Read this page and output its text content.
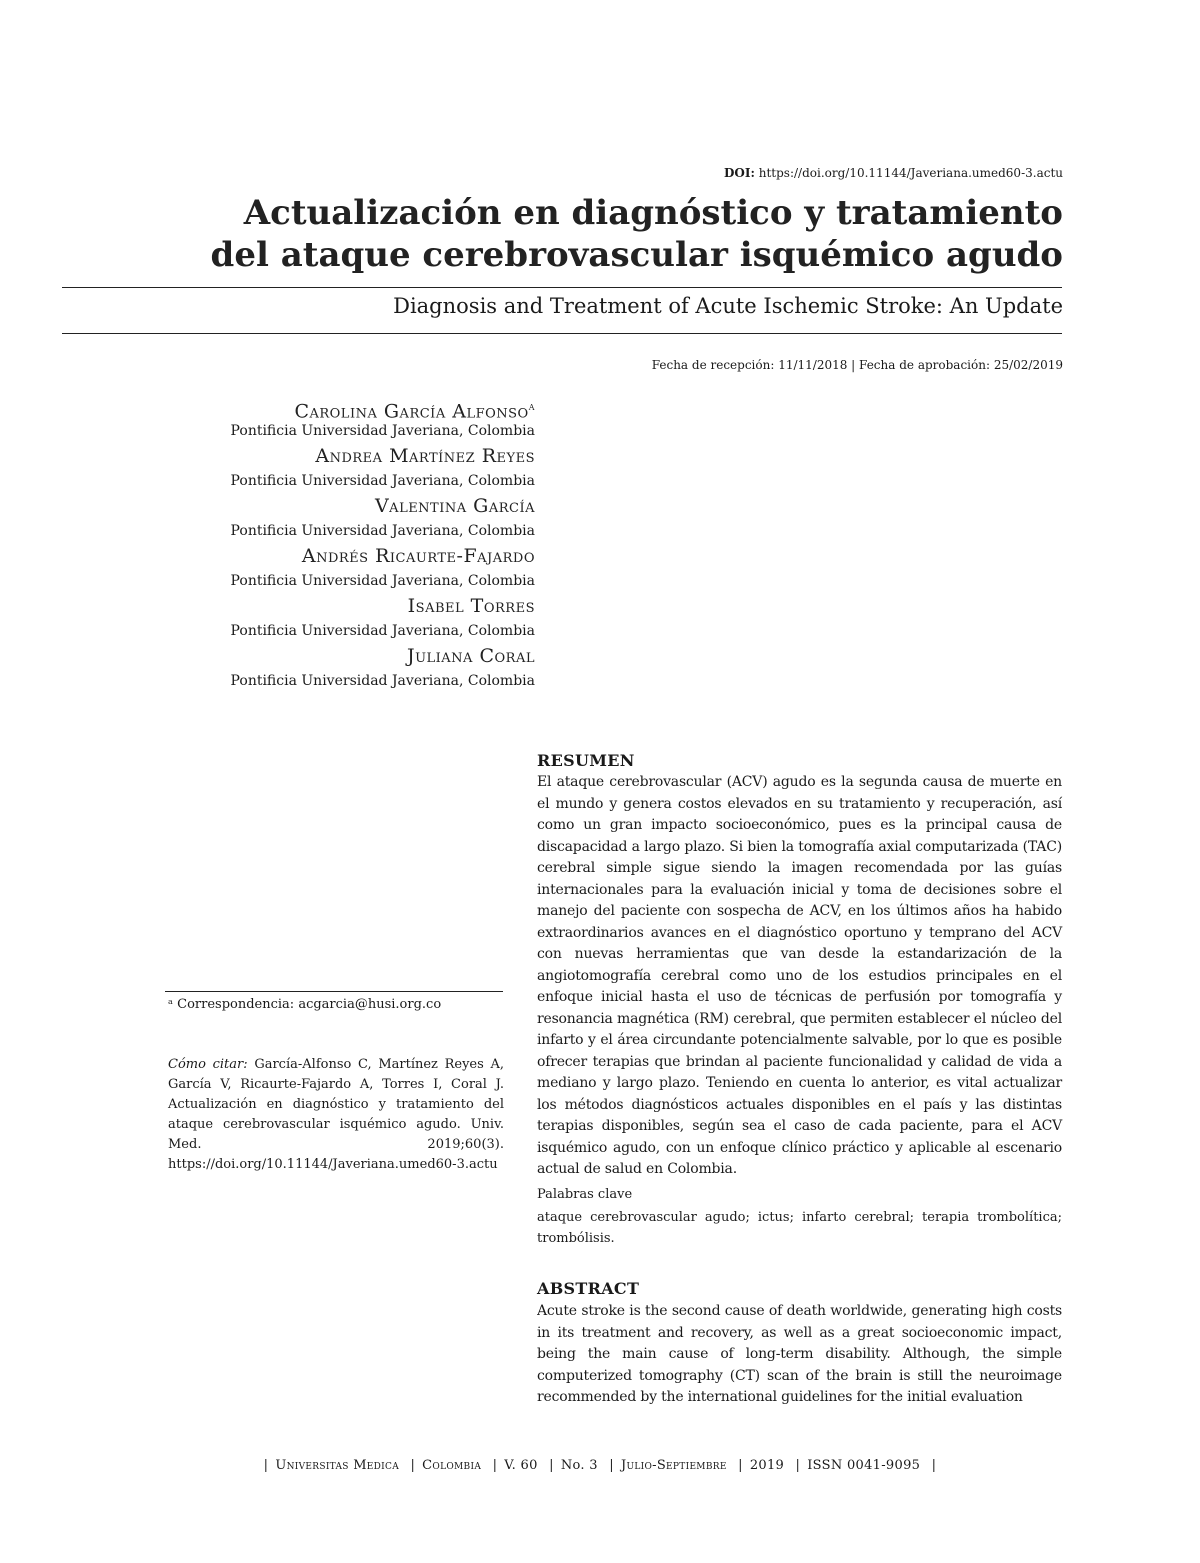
DOI: https://doi.org/10.11144/Javeriana.umed60-3.actu
Actualización en diagnóstico y tratamiento
del ataque cerebrovascular isquémico agudo
Diagnosis and Treatment of Acute Ischemic Stroke: An Update
Fecha de recepción: 11/11/2018 | Fecha de aprobación: 25/02/2019
Carolina García Alfonso$^a$
Pontificia Universidad Javeriana, Colombia
Andrea Martínez Reyes
Pontificia Universidad Javeriana, Colombia
Valentina García
Pontificia Universidad Javeriana, Colombia
Andrés Ricaurte-Fajardo
Pontificia Universidad Javeriana, Colombia
Isabel Torres
Pontificia Universidad Javeriana, Colombia
Juliana Coral
Pontificia Universidad Javeriana, Colombia
ᵃ Correspondencia: acgarcia@husi.org.co
Cómo citar: García-Alfonso C, Martínez Reyes A, García V, Ricaurte-Fajardo A, Torres I, Coral J. Actualización en diagnóstico y tratamiento del ataque cerebrovascular isquémico agudo. Univ. Med. 2019;60(3). https://doi.org/10.11144/Javeriana.umed60-3.actu
RESUMEN
El ataque cerebrovascular (ACV) agudo es la segunda causa de muerte en el mundo y genera costos elevados en su tratamiento y recuperación, así como un gran impacto socioeconómico, pues es la principal causa de discapacidad a largo plazo. Si bien la tomografía axial computarizada (TAC) cerebral simple sigue siendo la imagen recomendada por las guías internacionales para la evaluación inicial y toma de decisiones sobre el manejo del paciente con sospecha de ACV, en los últimos años ha habido extraordinarios avances en el diagnóstico oportuno y temprano del ACV con nuevas herramientas que van desde la estandarización de la angiotomografía cerebral como uno de los estudios principales en el enfoque inicial hasta el uso de técnicas de perfusión por tomografía y resonancia magnética (RM) cerebral, que permiten establecer el núcleo del infarto y el área circundante potencialmente salvable, por lo que es posible ofrecer terapias que brindan al paciente funcionalidad y calidad de vida a mediano y largo plazo. Teniendo en cuenta lo anterior, es vital actualizar los métodos diagnósticos actuales disponibles en el país y las distintas terapias disponibles, según sea el caso de cada paciente, para el ACV isquémico agudo, con un enfoque clínico práctico y aplicable al escenario actual de salud en Colombia.
Palabras clave
ataque cerebrovascular agudo; ictus; infarto cerebral; terapia trombolítica; trombólisis.
ABSTRACT
Acute stroke is the second cause of death worldwide, generating high costs in its treatment and recovery, as well as a great socioeconomic impact, being the main cause of long-term disability. Although, the simple computerized tomography (CT) scan of the brain is still the neuroimage recommended by the international guidelines for the initial evaluation
| Universitas Medica | Colombia | V. 60 | No. 3 | Julio-Septiembre | 2019 | ISSN 0041-9095 |
